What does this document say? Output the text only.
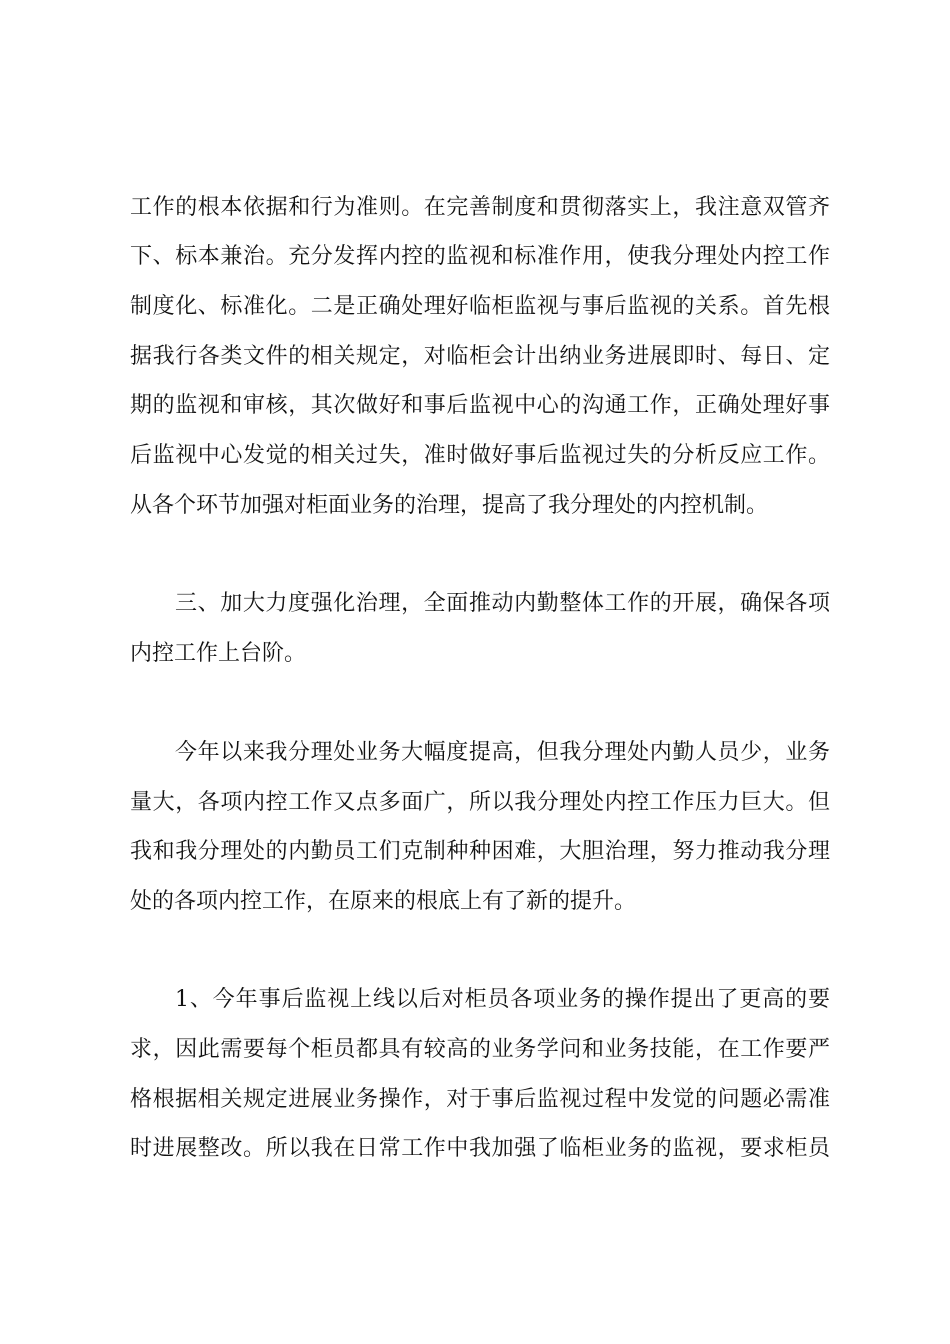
工作的根本依据和行为准则。在完善制度和贯彻落实上，我注意双管齐
下、标本兼治。充分发挥内控的监视和标准作用，使我分理处内控工作
制度化、标准化。二是正确处理好临柜监视与事后监视的关系。首先根
据我行各类文件的相关规定，对临柜会计出纳业务进展即时、每日、定
期的监视和审核，其次做好和事后监视中心的沟通工作，正确处理好事
后监视中心发觉的相关过失，准时做好事后监视过失的分析反应工作。
从各个环节加强对柜面业务的治理，提高了我分理处的内控机制。
三、加大力度强化治理，全面推动内勤整体工作的开展，确保各项
内控工作上台阶。
今年以来我分理处业务大幅度提高，但我分理处内勤人员少，业务
量大，各项内控工作又点多面广，所以我分理处内控工作压力巨大。但
我和我分理处的内勤员工们克制种种困难，大胆治理，努力推动我分理
处的各项内控工作，在原来的根底上有了新的提升。
1、今年事后监视上线以后对柜员各项业务的操作提出了更高的要
求，因此需要每个柜员都具有较高的业务学问和业务技能，在工作要严
格根据相关规定进展业务操作，对于事后监视过程中发觉的问题必需准
时进展整改。所以我在日常工作中我加强了临柜业务的监视，要求柜员
